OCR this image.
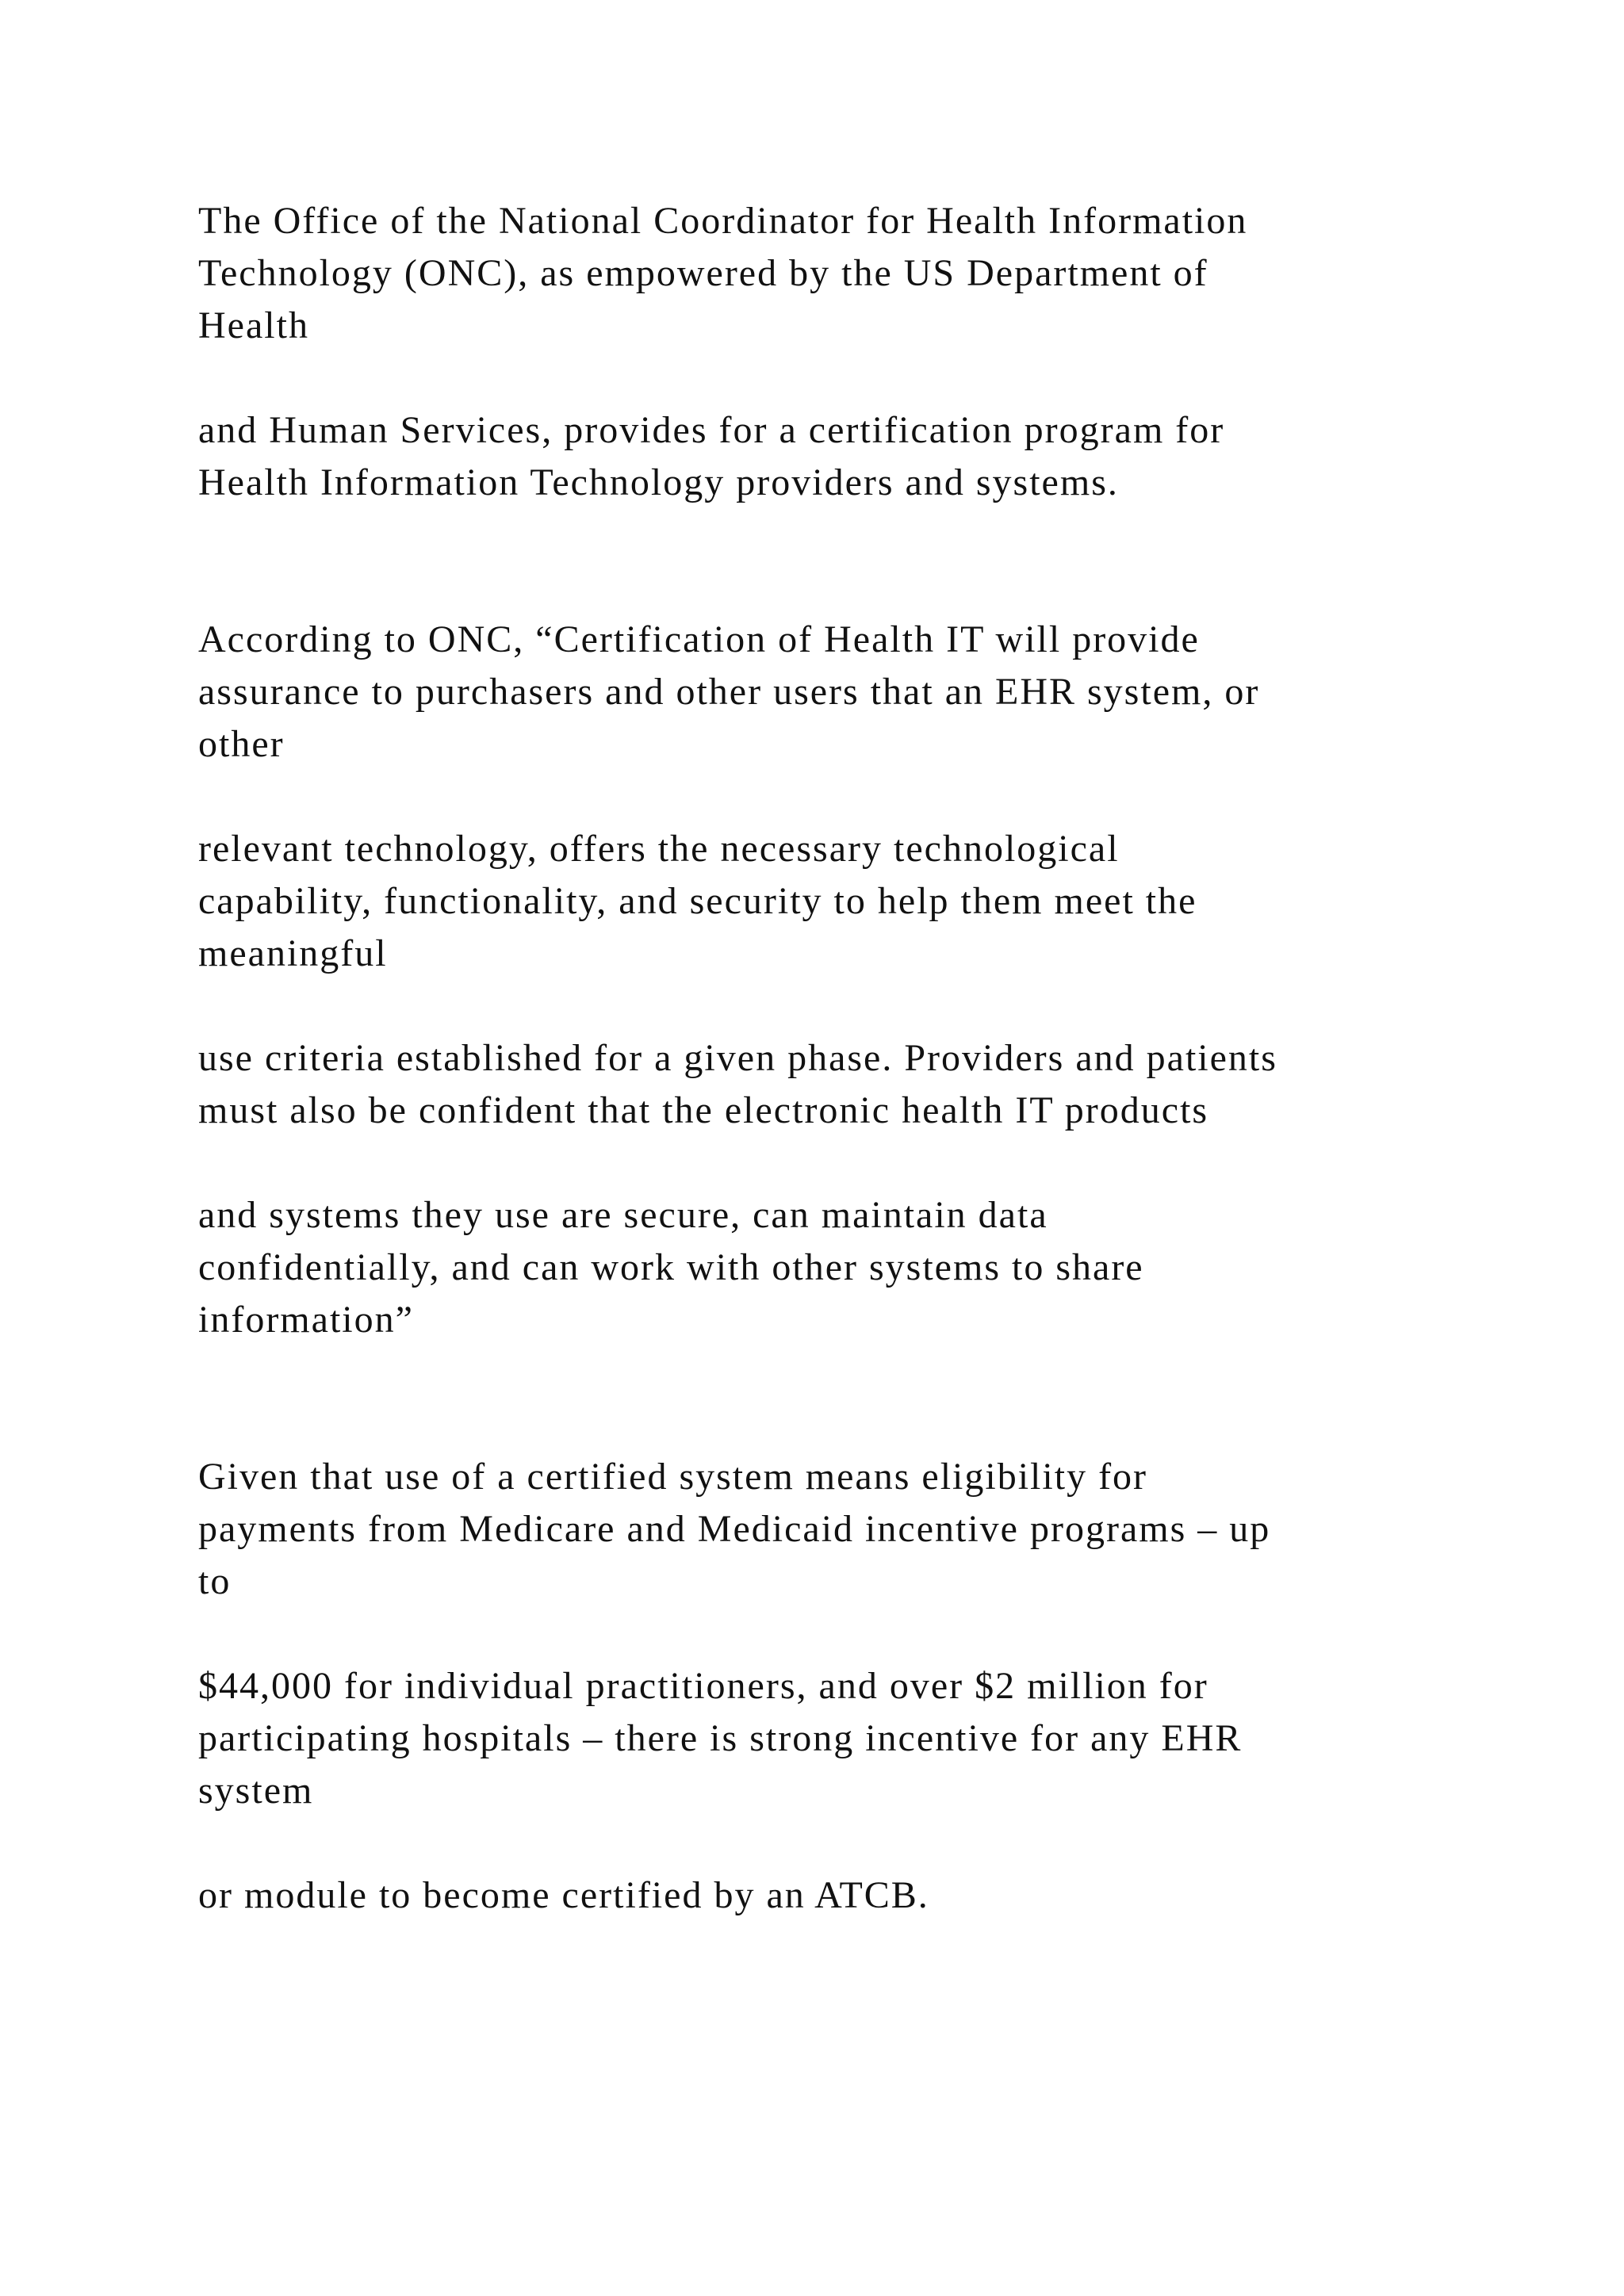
The Office of the National Coordinator for Health Information
Technology (ONC), as empowered by the US Department of
Health

and Human Services, provides for a certification program for
Health Information Technology providers and systems.

According to ONC, “Certification of Health IT will provide
assurance to purchasers and other users that an EHR system, or
other

relevant technology, offers the necessary technological
capability, functionality, and security to help them meet the
meaningful

use criteria established for a given phase. Providers and patients
must also be confident that the electronic health IT products

and systems they use are secure, can maintain data
confidentially, and can work with other systems to share
information”

Given that use of a certified system means eligibility for
payments from Medicare and Medicaid incentive programs – up
to

$44,000 for individual practitioners, and over $2 million for
participating hospitals – there is strong incentive for any EHR
system

or module to become certified by an ATCB.
